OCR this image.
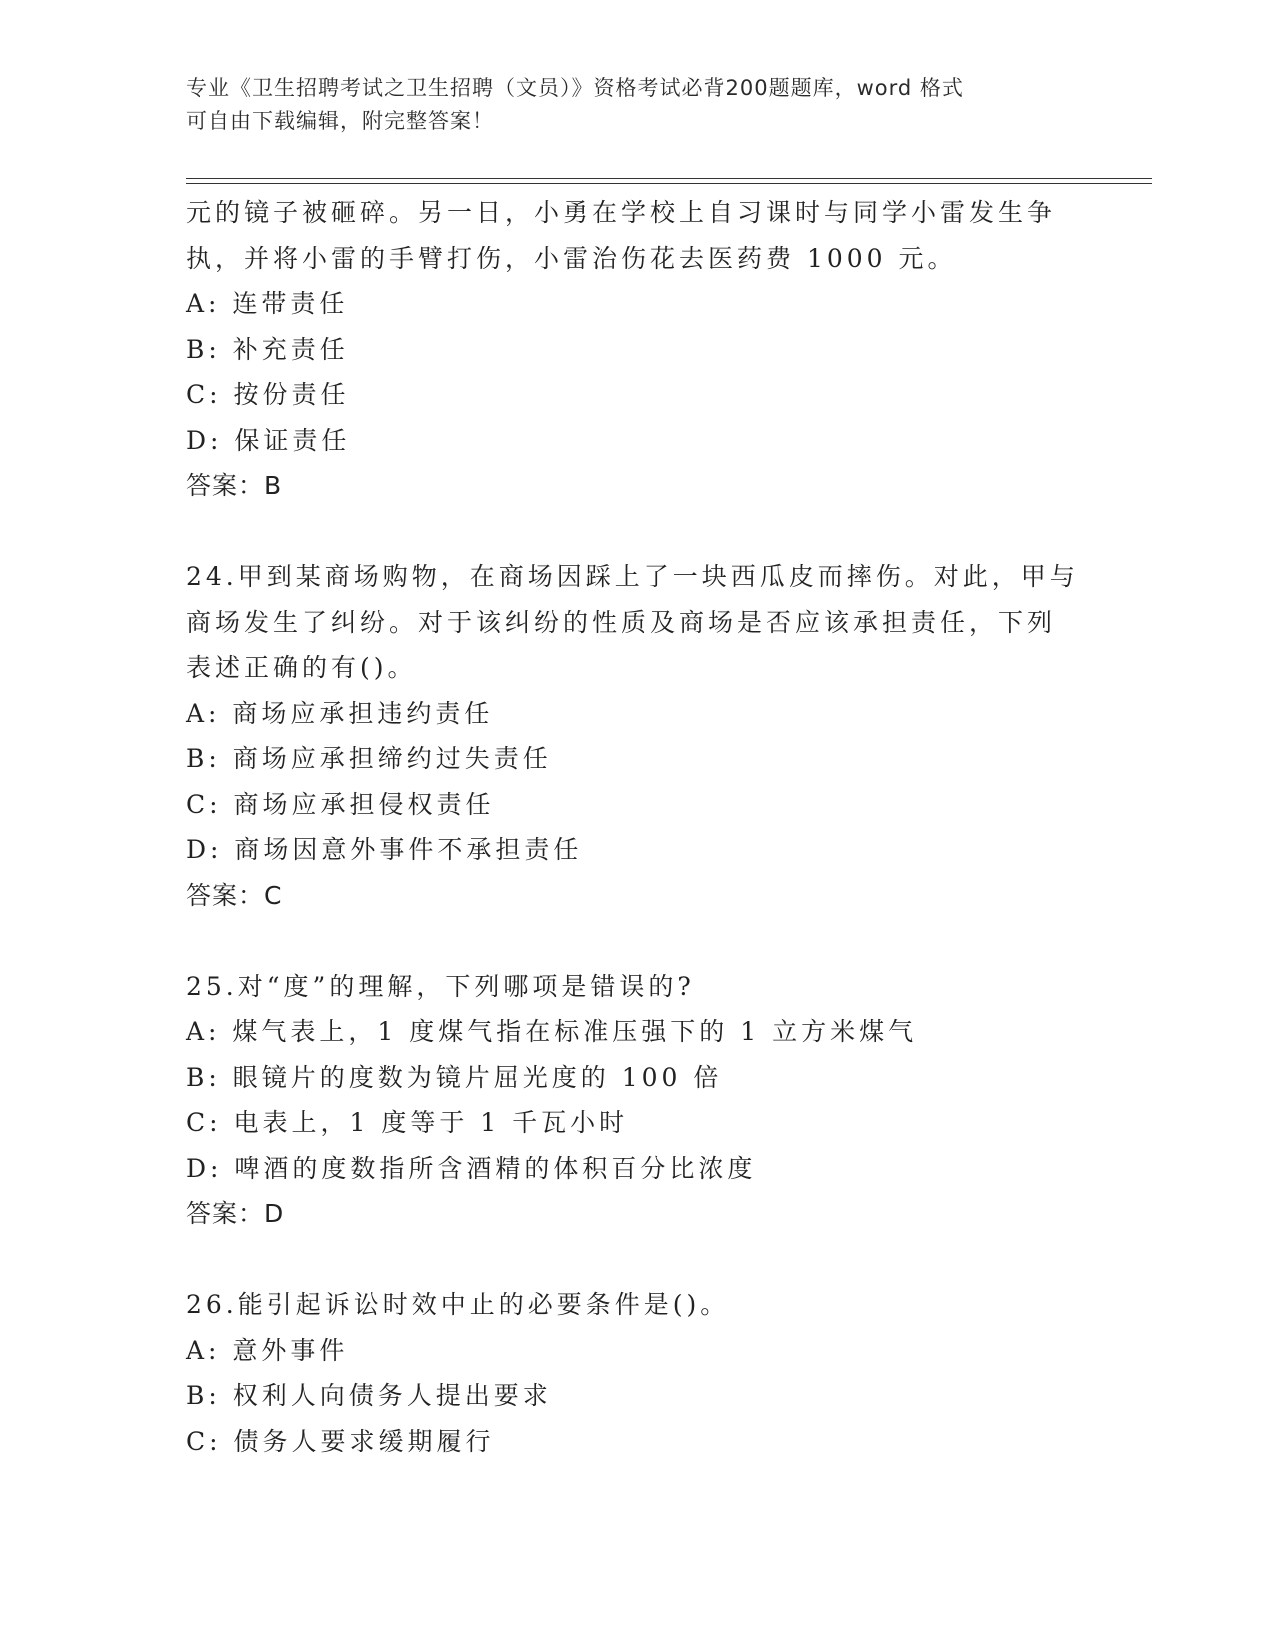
专业《卫生招聘考试之卫生招聘（文员）》资格考试必背200题题库，word 格式
可自由下载编辑，附完整答案！
元的镜子被砸碎。另一日，小勇在学校上自习课时与同学小雷发生争
执，并将小雷的手臂打伤，小雷治伤花去医药费 1000 元。
A: 连带责任
B: 补充责任
C: 按份责任
D: 保证责任
答案：B
24.甲到某商场购物，在商场因踩上了一块西瓜皮而摔伤。对此，甲与
商场发生了纠纷。对于该纠纷的性质及商场是否应该承担责任，下列
表述正确的有()。
A: 商场应承担违约责任
B: 商场应承担缔约过失责任
C: 商场应承担侵权责任
D: 商场因意外事件不承担责任
答案：C
25.对“度”的理解，下列哪项是错误的?
A: 煤气表上，1 度煤气指在标准压强下的 1 立方米煤气
B: 眼镜片的度数为镜片屈光度的 100 倍
C: 电表上，1 度等于 1 千瓦小时
D: 啤酒的度数指所含酒精的体积百分比浓度
答案：D
26.能引起诉讼时效中止的必要条件是()。
A: 意外事件
B: 权利人向债务人提出要求
C: 债务人要求缓期履行
